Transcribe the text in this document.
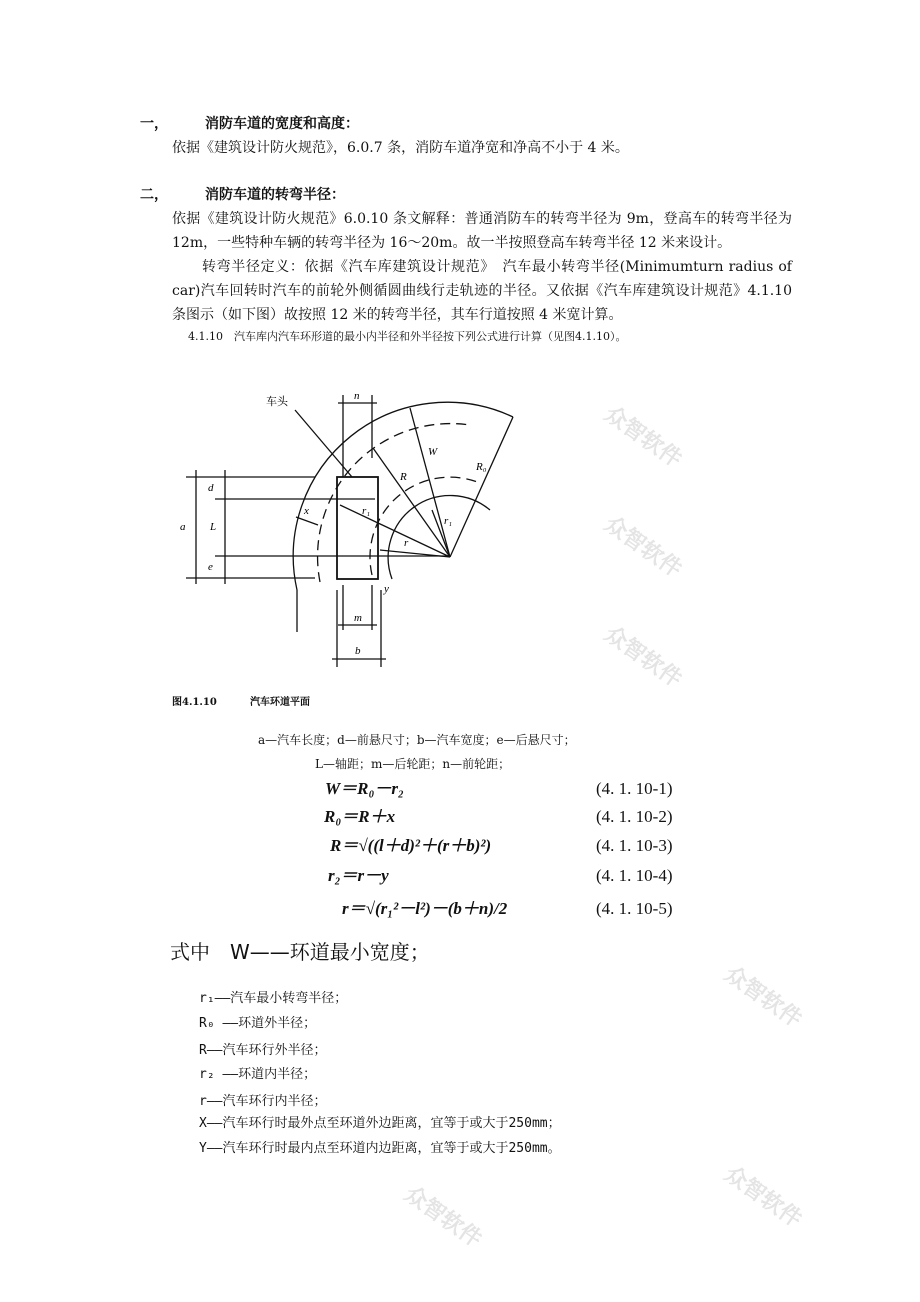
众智软件
众智软件
众智软件
众智软件
众智软件
众智软件
一，	消防车道的宽度和高度：
依据《建筑设计防火规范》，6.0.7 条，消防车道净宽和净高不小于 4 米。
二，	消防车道的转弯半径：

依据《建筑设计防火规范》6.0.10 条文解释：普通消防车的转弯半径为 9m，登高车的转弯半径为 12m，一些特种车辆的转弯半径为 16～20m。故一半按照登高车转弯半径 12 米来设计。

转弯半径定义：依据《汽车库建筑设计规范》　汽车最小转弯半径(Minimumturn radius of car)汽车回转时汽车的前轮外侧循圆曲线行走轨迹的半径。又依据《汽车库建筑设计规范》4.1.10 条图示（如下图）故按照 12 米的转弯半径，其车行道按照 4 米宽计算。

4.1.10　汽车库内汽车环形道的最小内半径和外半径按下列公式进行计算（见图4.1.10）。

车头	n
W
R₀
R
r₁
r₁
r
x
y
a
d
L
e
m
b
图4.1.10	汽车环道平面
a—汽车长度；d—前悬尺寸；b—汽车宽度；e—后悬尺寸；
L—轴距；m—后轮距；n—前轮距；
W＝R₀－r₂	(4. 1. 10-1)
R₀＝R＋x	(4. 1. 10-2)
R＝√((l＋d)²＋(r＋b)²)	(4. 1. 10-3)
r₂＝r－y	(4. 1. 10-4)
r＝√(r₁²－l²)－(b＋n)/2	(4. 1. 10-5)
式中　W——环道最小宽度；
r₁——汽车最小转弯半径；
R₀ ——环道外半径；
R——汽车环行外半径；
r₂ ——环道内半径；
r——汽车环行内半径；
X——汽车环行时最外点至环道外边距离，宜等于或大于250mm；
Y——汽车环行时最内点至环道内边距离，宜等于或大于250mm。
